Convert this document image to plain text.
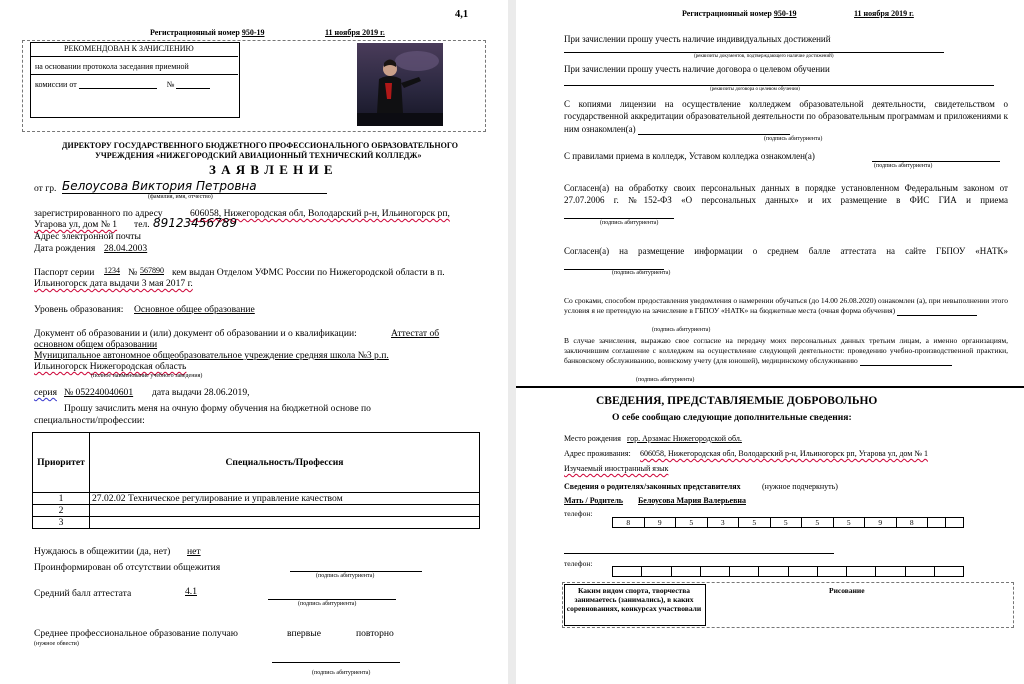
4,1
Регистрационный номер 950-19	11 ноября 2019 г.
РЕКОМЕНДОВАН К ЗАЧИСЛЕНИЮ
на основании протокола заседания приемной
комиссии от	№
ДИРЕКТОРУ ГОСУДАРСТВЕННОГО БЮДЖЕТНОГО ПРОФЕССИОНАЛЬНОГО ОБРАЗОВАТЕЛЬНОГО
УЧРЕЖДЕНИЯ «НИЖЕГОРОДСКИЙ АВИАЦИОННЫЙ ТЕХНИЧЕСКИЙ КОЛЛЕДЖ»
З А Я В Л Е Н И Е
от гр. Белоусова Виктория Петровна
(фамилия, имя, отчество)
зарегистрированного по адресу	606058, Нижегородская обл, Володарский р-н, Ильиногорск рп,
Угарова ул, дом № 1 тел. 89123456789
Адрес электронной почты
Дата рождения 28.04.2003
Паспорт серии 1234 № 567890 кем выдан Отделом УФМС России по Нижегородской области в п.
Ильиногорск дата выдачи 3 мая 2017 г.
Уровень образования: Основное общее образование
Документ об образовании и (или) документ об образовании и о квалификации:	Аттестат об
основном общем образовании
Муниципальное автономное общеобразовательное учреждение средняя школа №3 р.п.
Ильиногорск Нижегородская область
(полное наименование учебного заведения)
серия № 052240040601 дата выдачи 28.06.2019,
Прошу зачислить меня на очную форму обучения на бюджетной основе по
специальности/профессии:
Приоритет	Специальность/Профессия
1	27.02.02 Техническое регулирование и управление качеством
2	
3	
Нуждаюсь в общежитии (да, нет) нет
Проинформирован об отсутствии общежития
(подпись абитуриента)
Средний балл аттестата	4.1
(подпись абитуриента)
Среднее профессиональное образование получаю	впервые	повторно
(нужное обвести)
(подпись абитуриента)
Регистрационный номер 950-19	11 ноября 2019 г.
При зачислении прошу учесть наличие индивидуальных достижений
(реквизиты документов, подтверждающего наличие достижений)
При зачислении прошу учесть наличие договора о целевом обучении
(реквизиты договора о целевом обучении)
С копиями лицензии на осуществление колледжем образовательной деятельности, свидетельством о государственной аккредитации образовательной деятельности по образовательным программам и приложениями к ним ознакомлен(а)
(подпись абитуриента)
С правилами приема в колледж, Уставом колледжа ознакомлен(а)
(подпись абитуриента)
Согласен(а) на обработку своих персональных данных в порядке установленном Федеральным законом от 27.07.2006 г. №152-ФЗ «О персональных данных» и их размещение в ФИС ГИА и приема
(подпись абитуриента)
Согласен(а) на размещение информации о среднем балле аттестата на сайте ГБПОУ «НАТК»
(подпись абитуриента)
Со сроками, способом предоставления уведомления о намерении обучаться (до 14.00 26.08.2020) ознакомлен (а), при невыполнении этого условия я не претендую на зачисление в ГБПОУ «НАТК» на бюджетные места (очная форма обучения)
(подпись абитуриента)
В случае зачисления, выражаю свое согласие на передачу моих персональных данных третьим лицам, а именно организациям, заключившим соглашение с колледжем на осуществление следующей деятельности: проведению учебно-производственной практики, банковскому обслуживанию, воинскому учету (для юношей), медицинскому обслуживанию
(подпись абитуриента)
СВЕДЕНИЯ, ПРЕДСТАВЛЯЕМЫЕ ДОБРОВОЛЬНО
О себе сообщаю следующие дополнительные сведения:
Место рождения гор. Арзамас Нижегородской обл.
Адрес проживания: 606058, Нижегородская обл, Володарский р-н, Ильиногорск рп, Угарова ул, дом № 1
Изучаемый иностранный язык
Сведения о родителях/законных представителях	(нужное подчеркнуть)
Мать / Родитель Белоусова Мария Валерьевна
телефон:
8	9	5	3	5	5	5	5	9	8		
телефон:

Каким видом спорта, творчества занимаетесь (занимались), в каких соревнованиях, конкурсах участвовали
Рисование
